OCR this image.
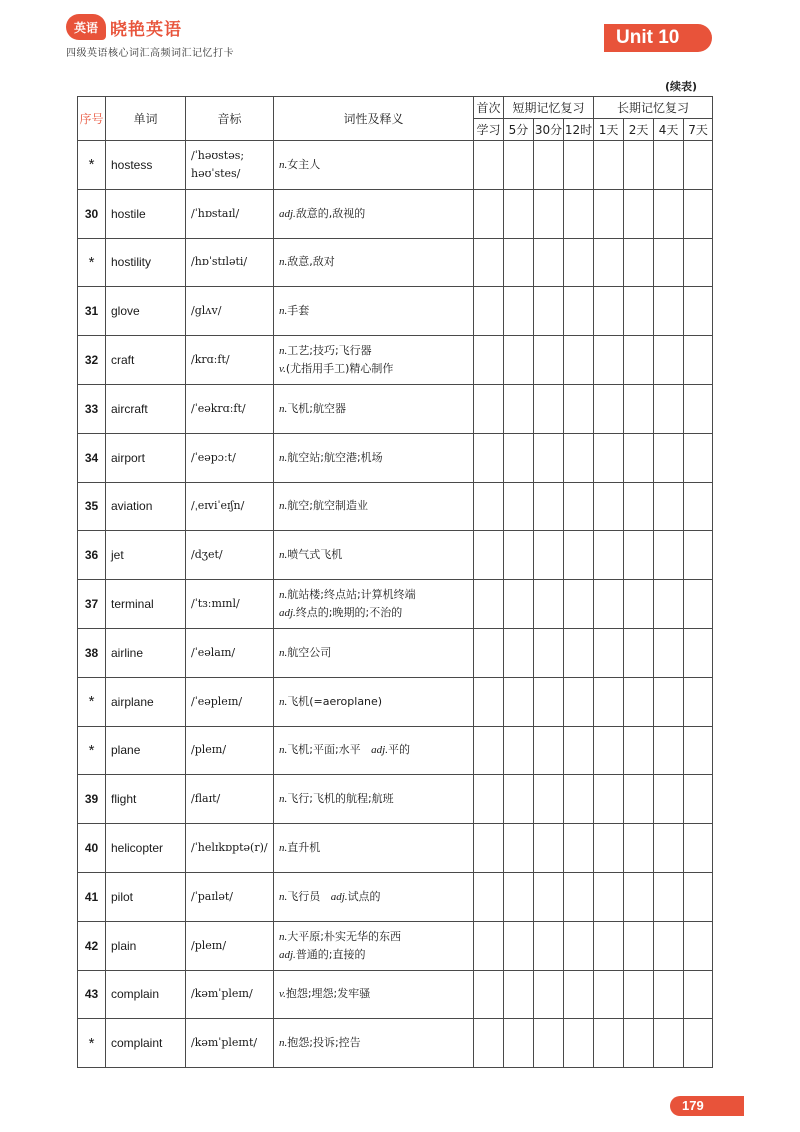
英语 晓艳英语
四级英语核心词汇高频词汇记忆打卡
Unit 10
(续表)
序号	单词	音标	词性及释义	首次	短期记忆复习			长期记忆复习			
				学习	5分	30分	12时	1天	2天	4天	7天
*	hostess	/ˈhəʊstəs;
həʊˈstes/	n.女主人								

30	hostile	/ˈhɒstaɪl/	adj.敌意的,敌视的								

*	hostility	/hɒˈstɪləti/	n.敌意,敌对								

31	glove	/glʌv/	n.手套								

32	craft	/krɑːft/	n.工艺;技巧;飞行器
v.(尤指用手工)精心制作								

33	aircraft	/ˈeəkrɑːft/	n.飞机;航空器								

34	airport	/ˈeəpɔːt/	n.航空站;航空港;机场								

35	aviation	/ˌeɪviˈeɪʃn/	n.航空;航空制造业								

36	jet	/dʒet/	n.喷气式飞机								

37	terminal	/ˈtɜːmɪnl/	n.航站楼;终点站;计算机终端
adj.终点的;晚期的;不治的								

38	airline	/ˈeəlaɪn/	n.航空公司								

*	airplane	/ˈeəpleɪn/	n.飞机(=aeroplane)								

*	plane	/pleɪn/	n.飞机;平面;水平 adj.平的								

39	flight	/flaɪt/	n.飞行;飞机的航程;航班								

40	helicopter	/ˈhelɪkɒptə(r)/	n.直升机								

41	pilot	/ˈpaɪlət/	n.飞行员 adj.试点的								

42	plain	/pleɪn/	n.大平原;朴实无华的东西
adj.普通的;直接的								

43	complain	/kəmˈpleɪn/	v.抱怨;埋怨;发牢骚								

*	complaint	/kəmˈpleɪnt/	n.抱怨;投诉;控告								

179
